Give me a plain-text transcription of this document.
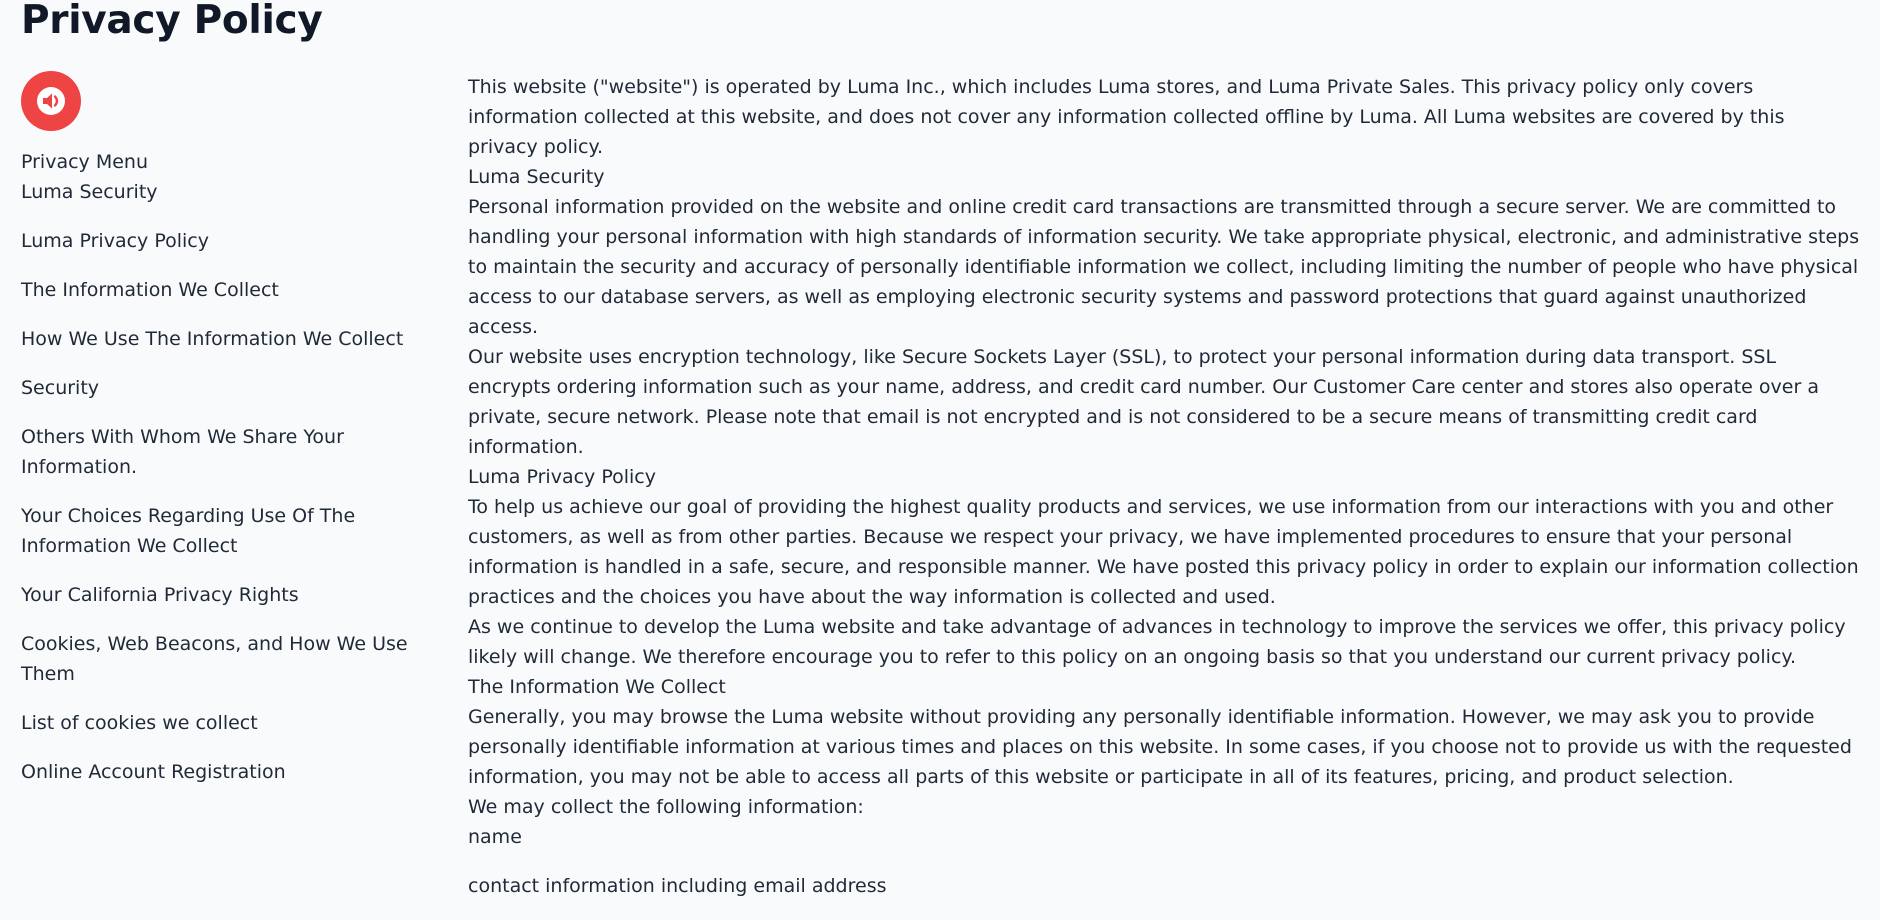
Privacy Policy

Privacy Menu

Luma Security
Luma Privacy Policy
The Information We Collect
How We Use The Information We Collect
Security
Others With Whom We Share Your Information.
Your Choices Regarding Use Of The Information We Collect
Your California Privacy Rights
Cookies, Web Beacons, and How We Use Them
List of cookies we collect
Online Account Registration

This website ("website") is operated by Luma Inc., which includes Luma stores, and Luma Private Sales. This privacy policy only covers information collected at this website, and does not cover any information collected offline by Luma. All Luma websites are covered by this privacy policy.

Luma Security

Personal information provided on the website and online credit card transactions are transmitted through a secure server. We are committed to handling your personal information with high standards of information security. We take appropriate physical, electronic, and administrative steps to maintain the security and accuracy of personally identifiable information we collect, including limiting the number of people who have physical access to our database servers, as well as employing electronic security systems and password protections that guard against unauthorized access.

Our website uses encryption technology, like Secure Sockets Layer (SSL), to protect your personal information during data transport. SSL encrypts ordering information such as your name, address, and credit card number. Our Customer Care center and stores also operate over a private, secure network. Please note that email is not encrypted and is not considered to be a secure means of transmitting credit card information.

Luma Privacy Policy

To help us achieve our goal of providing the highest quality products and services, we use information from our interactions with you and other customers, as well as from other parties. Because we respect your privacy, we have implemented procedures to ensure that your personal information is handled in a safe, secure, and responsible manner. We have posted this privacy policy in order to explain our information collection practices and the choices you have about the way information is collected and used.

As we continue to develop the Luma website and take advantage of advances in technology to improve the services we offer, this privacy policy likely will change. We therefore encourage you to refer to this policy on an ongoing basis so that you understand our current privacy policy.

The Information We Collect

Generally, you may browse the Luma website without providing any personally identifiable information. However, we may ask you to provide personally identifiable information at various times and places on this website. In some cases, if you choose not to provide us with the requested information, you may not be able to access all parts of this website or participate in all of its features, pricing, and product selection.

We may collect the following information:

name
contact information including email address
